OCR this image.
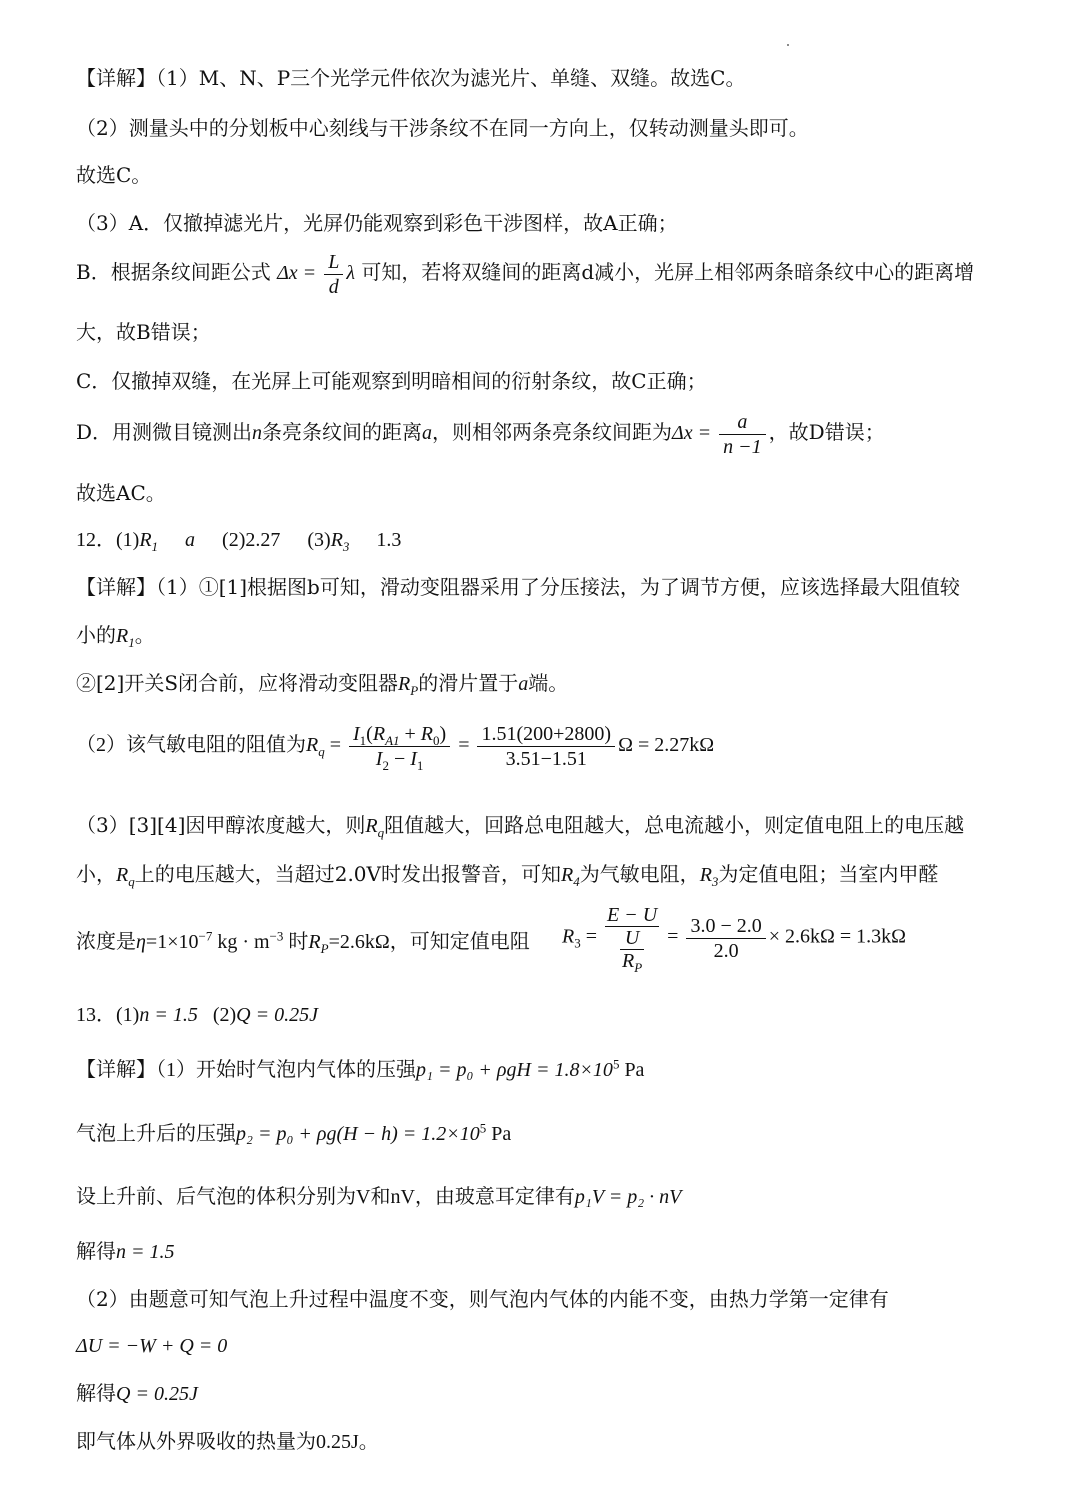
【详解】（1）M、N、P三个光学元件依次为滤光片、单缝、双缝。故选C。
（2）测量头中的分划板中心刻线与干涉条纹不在同一方向上，仅转动测量头即可。
故选C。
（3）A．仅撤掉滤光片，光屏仍能观察到彩色干涉图样，故A正确；
B．根据条纹间距公式 $\Delta x = \frac{L}{d}$ λ 可知，若将双缝间的距离d减小，光屏上相邻两条暗条纹中心的距离增
大，故B错误；
C．仅撤掉双缝，在光屏上可能观察到明暗相间的衍射条纹，故C正确；
D．用测微目镜测出n条亮条纹间的距离a，则相邻两条亮条纹间距为$\Delta x = \frac{a}{n -1}$ ，故D错误；
故选AC。
12．$(1)R_1$ a (2)2.27 $(3)R_3$ 1.3
【详解】（1）①[1]根据图b可知，滑动变阻器采用了分压接法，为了调节方便，应该选择最大阻值较
小的$R_1$。
②[2]开关S闭合前，应将滑动变阻器$R_P$的滑片置于a端。
（2）该气敏电阻的阻值为$R_q = \frac{I_1(R_{A1} + R_0)}{I_2 - I_1} = \frac{1.51(200+2800)}{3.51-1.51}$ Ω = 2.27kΩ
（3）[3][4]因甲醇浓度越大，则$R_q$阻值越大，回路总电阻越大，总电流越小，则定值电阻上的电压越
小，$R_q$上的电压越大，当超过2.0V时发出报警音，可知$R_4$为气敏电阻，$R_3$为定值电阻；当室内甲醛
浓度是$\eta=1\times 10^{-7}$ kg · $m^{-3}$ 时$R_P=2.6k\Omega$，可知定值电阻 $R_3$ =
E − U
$\frac{U}{R_P} = \frac{3.0 - 2.0}{2.0} \times 2.6k\Omega = 1.3k\Omega$
13．(1)n = 1.5 (2)Q = 0.25J
【详解】（1）开始时气泡内气体的压强$p_1 = p_0 + \rho gH = 1.8\times 10^5$ Pa
气泡上升后的压强$p_2 = p_0 + \rho g(H - h) = 1.2\times 10^5$ Pa
设上升前、后气泡的体积分别为V和nV，由玻意耳定律有p₁V = p₂ · nV
解得n = 1.5
（2）由题意可知气泡上升过程中温度不变，则气泡内气体的内能不变，由热力学第一定律有
ΔU = −W + Q = 0
解得Q = 0.25J
即气体从外界吸收的热量为0.25J。
